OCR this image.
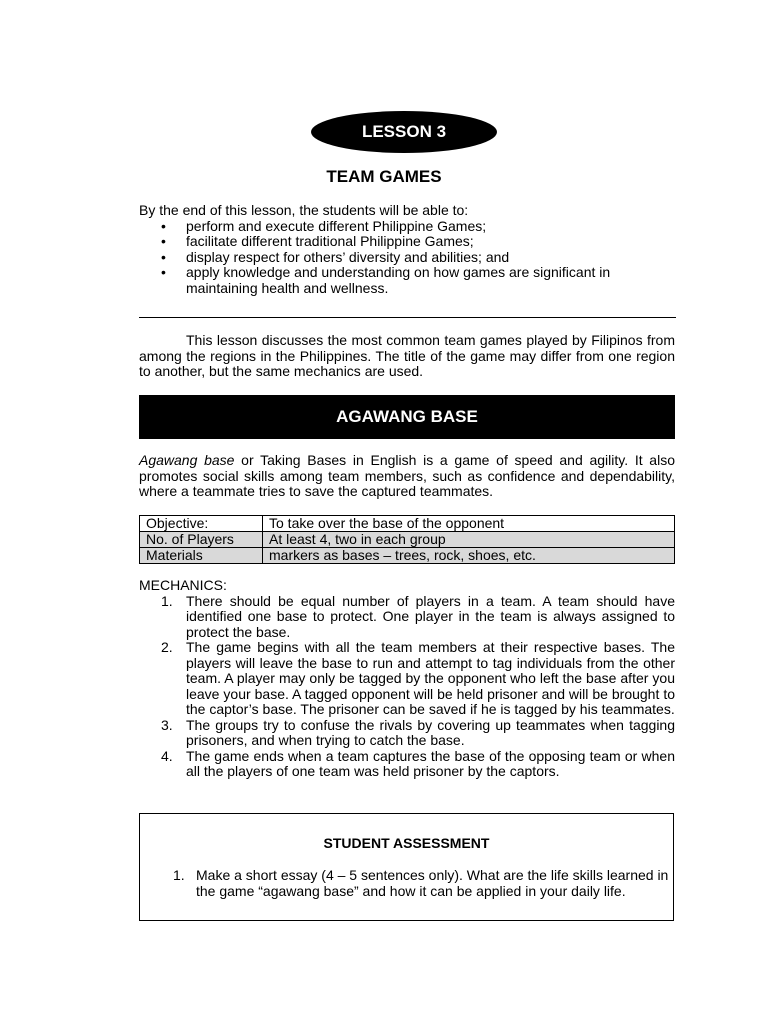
LESSON 3
TEAM GAMES
By the end of this lesson, the students will be able to:
• perform and execute different Philippine Games;
• facilitate different traditional Philippine Games;
• display respect for others’ diversity and abilities; and
• apply knowledge and understanding on how games are significant in maintaining health and wellness.

This lesson discusses the most common team games played by Filipinos from among the regions in the Philippines. The title of the game may differ from one region to another, but the same mechanics are used.

AGAWANG BASE

Agawang base or Taking Bases in English is a game of speed and agility. It also promotes social skills among team members, such as confidence and dependability, where a teammate tries to save the captured teammates.

Objective:	To take over the base of the opponent
No. of Players	At least 4, two in each group
Materials	markers as bases – trees, rock, shoes, etc.
MECHANICS:
1. There should be equal number of players in a team. A team should have identified one base to protect. One player in the team is always assigned to protect the base.
2. The game begins with all the team members at their respective bases. The players will leave the base to run and attempt to tag individuals from the other team. A player may only be tagged by the opponent who left the base after you leave your base. A tagged opponent will be held prisoner and will be brought to the captor’s base. The prisoner can be saved if he is tagged by his teammates.
3. The groups try to confuse the rivals by covering up teammates when tagging prisoners, and when trying to catch the base.
4. The game ends when a team captures the base of the opposing team or when all the players of one team was held prisoner by the captors.
STUDENT ASSESSMENT
1. Make a short essay (4 – 5 sentences only). What are the life skills learned in the game “agawang base” and how it can be applied in your daily life.
